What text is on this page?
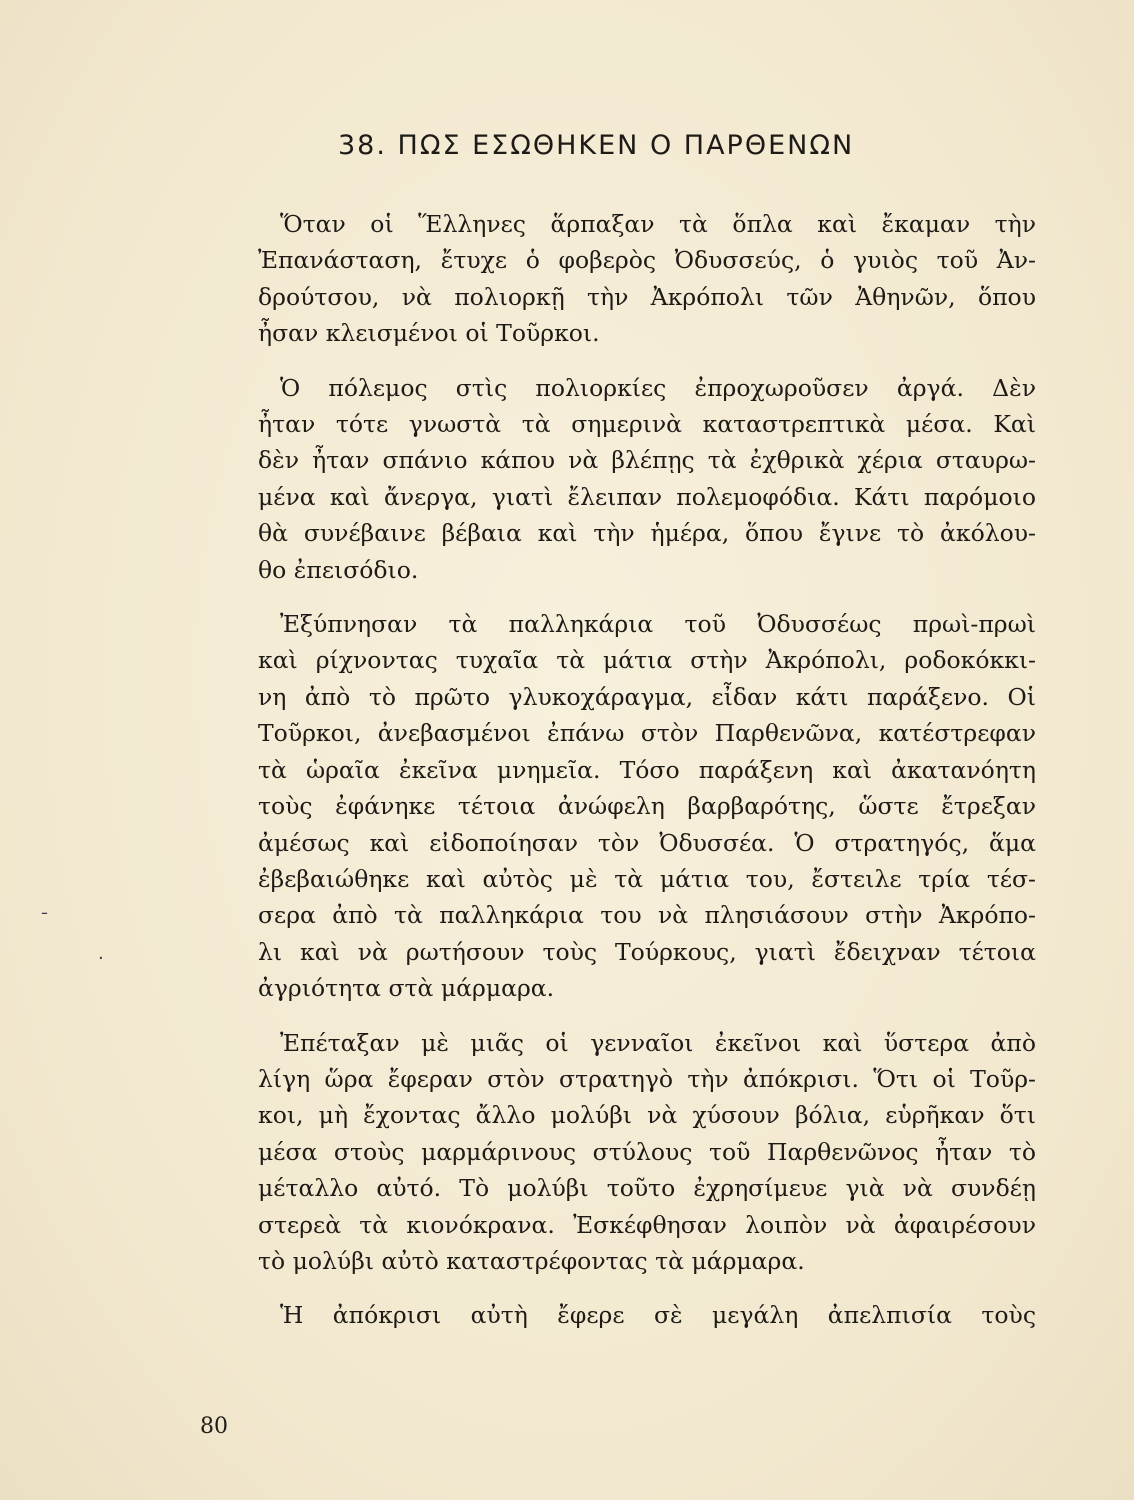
38. ΠΩΣ ΕΣΩΘΗΚΕΝ Ο ΠΑΡΘΕΝΩΝ

Ὅταν οἱ Ἕλληνες ἅρπαξαν τὰ ὅπλα καὶ ἔκαμαν τὴν
Ἐπανάσταση, ἔτυχε ὁ φοβερὸς Ὀδυσσεύς, ὁ γυιὸς τοῦ Ἀν-
δρούτσου, νὰ πολιορκῇ τὴν Ἀκρόπολι τῶν Ἀθηνῶν, ὅπου
ἦσαν κλεισμένοι οἱ Τοῦρκοι.

Ὁ πόλεμος στὶς πολιορκίες ἐπροχωροῦσεν ἀργά. Δὲν
ἦταν τότε γνωστὰ τὰ σημερινὰ καταστρεπτικὰ μέσα. Καὶ
δὲν ἦταν σπάνιο κάπου νὰ βλέπῃς τὰ ἐχθρικὰ χέρια σταυρω-
μένα καὶ ἄνεργα, γιατὶ ἔλειπαν πολεμοφόδια. Κάτι παρόμοιο
θὰ συνέβαινε βέβαια καὶ τὴν ἡμέρα, ὅπου ἔγινε τὸ ἀκόλου-
θο ἐπεισόδιο.

Ἐξύπνησαν τὰ παλληκάρια τοῦ Ὀδυσσέως πρωὶ-πρωὶ
καὶ ρίχνοντας τυχαῖα τὰ μάτια στὴν Ἀκρόπολι, ροδοκόκκι-
νη ἀπὸ τὸ πρῶτο γλυκοχάραγμα, εἶδαν κάτι παράξενο. Οἱ
Τοῦρκοι, ἀνεβασμένοι ἐπάνω στὸν Παρθενῶνα, κατέστρεφαν
τὰ ὡραῖα ἐκεῖνα μνημεῖα. Τόσο παράξενη καὶ ἀκατανόητη
τοὺς ἐφάνηκε τέτοια ἀνώφελη βαρβαρότης, ὥστε ἔτρεξαν
ἀμέσως καὶ εἰδοποίησαν τὸν Ὀδυσσέα. Ὁ στρατηγός, ἅμα
ἐβεβαιώθηκε καὶ αὐτὸς μὲ τὰ μάτια του, ἔστειλε τρία τέσ-
σερα ἀπὸ τὰ παλληκάρια του νὰ πλησιάσουν στὴν Ἀκρόπο-
λι καὶ νὰ ρωτήσουν τοὺς Τούρκους, γιατὶ ἔδειχναν τέτοια
ἀγριότητα στὰ μάρμαρα.

Ἐπέταξαν μὲ μιᾶς οἱ γενναῖοι ἐκεῖνοι καὶ ὕστερα ἀπὸ
λίγη ὥρα ἔφεραν στὸν στρατηγὸ τὴν ἀπόκρισι. Ὅτι οἱ Τοῦρ-
κοι, μὴ ἔχοντας ἄλλο μολύβι νὰ χύσουν βόλια, εὑρῆκαν ὅτι
μέσα στοὺς μαρμάρινους στύλους τοῦ Παρθενῶνος ἦταν τὸ
μέταλλο αὐτό. Τὸ μολύβι τοῦτο ἐχρησίμευε γιὰ νὰ συνδέῃ
στερεὰ τὰ κιονόκρανα. Ἐσκέφθησαν λοιπὸν νὰ ἀφαιρέσουν
τὸ μολύβι αὐτὸ καταστρέφοντας τὰ μάρμαρα.

Ἡ ἀπόκρισι αὐτὴ ἔφερε σὲ μεγάλη ἀπελπισία τοὺς

ˉ
·
80
